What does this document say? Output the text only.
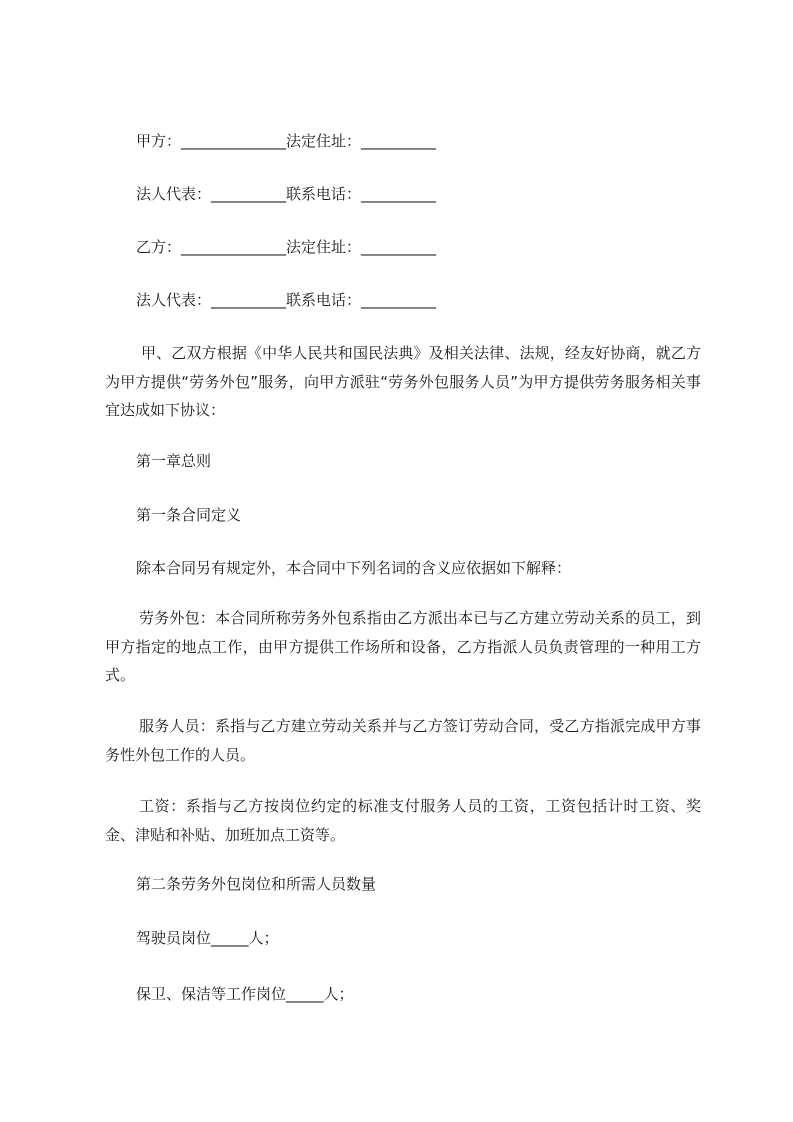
甲方：______________法定住址：__________

法人代表：__________联系电话：__________

乙方：______________法定住址：__________

法人代表：__________联系电话：__________

甲、乙双方根据《中华人民共和国民法典》及相关法律、法规，经友好协商，就乙方为甲方提供“劳务外包”服务，向甲方派驻“劳务外包服务人员”为甲方提供劳务服务相关事宜达成如下协议：

第一章总则

第一条合同定义

除本合同另有规定外，本合同中下列名词的含义应依据如下解释：

劳务外包：本合同所称劳务外包系指由乙方派出本已与乙方建立劳动关系的员工，到甲方指定的地点工作，由甲方提供工作场所和设备，乙方指派人员负责管理的一种用工方式。

服务人员：系指与乙方建立劳动关系并与乙方签订劳动合同，受乙方指派完成甲方事务性外包工作的人员。

工资：系指与乙方按岗位约定的标准支付服务人员的工资，工资包括计时工资、奖金、津贴和补贴、加班加点工资等。

第二条劳务外包岗位和所需人员数量

驾驶员岗位_____人；

保卫、保洁等工作岗位_____人；
